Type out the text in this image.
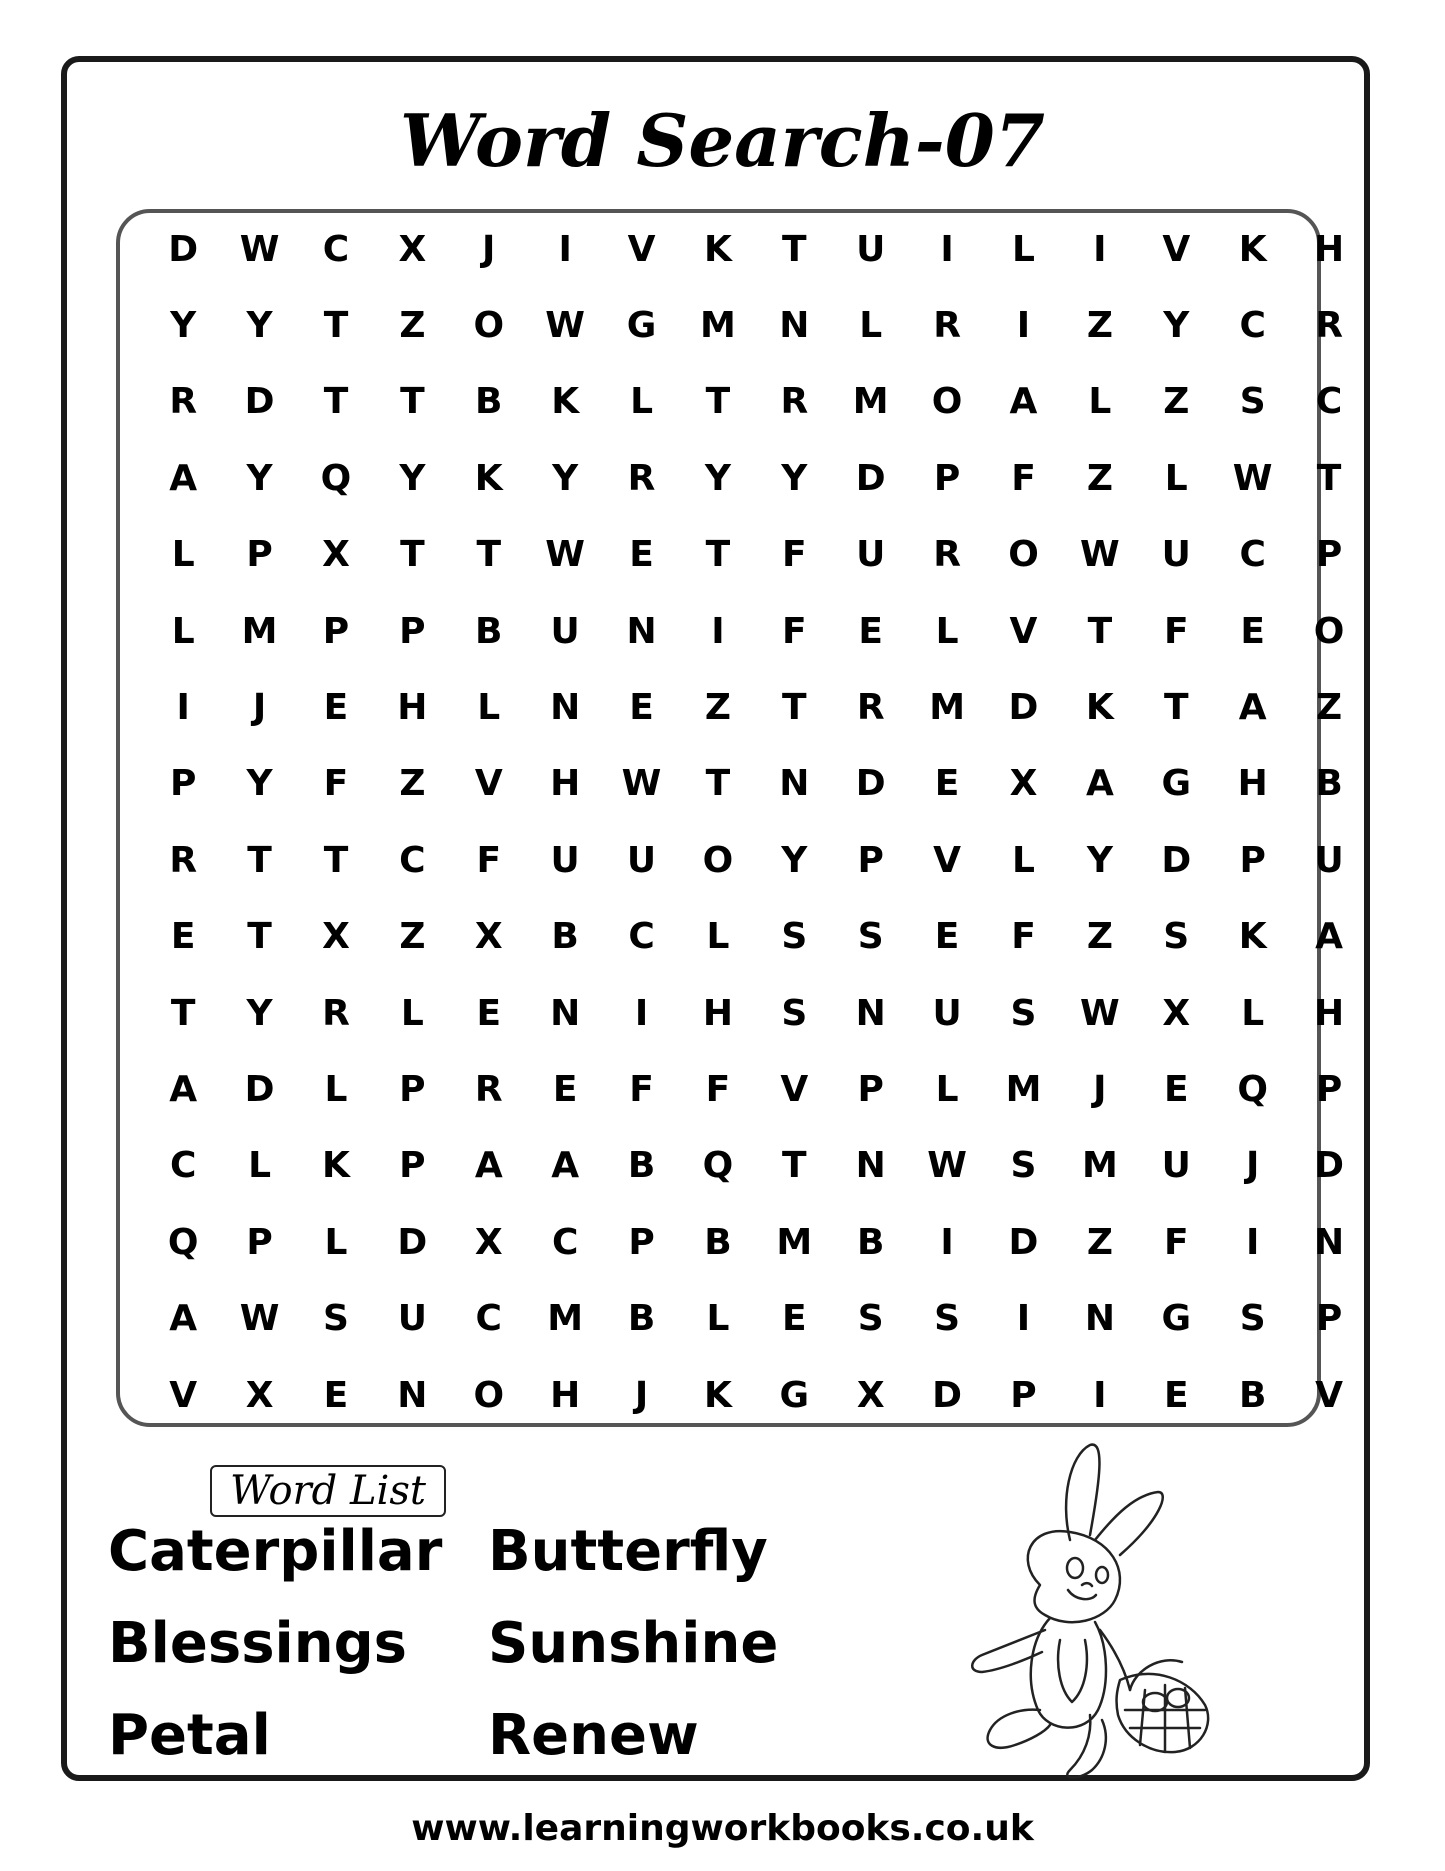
Word Search-07
D	W	C	X	J	I	V	K	T	U	I	L	I	V	K	H
Y	Y	T	Z	O	W	G	M	N	L	R	I	Z	Y	C	R
R	D	T	T	B	K	L	T	R	M	O	A	L	Z	S	C
A	Y	Q	Y	K	Y	R	Y	Y	D	P	F	Z	L	W	T
L	P	X	T	T	W	E	T	F	U	R	O	W	U	C	P
L	M	P	P	B	U	N	I	F	E	L	V	T	F	E	O
I	J	E	H	L	N	E	Z	T	R	M	D	K	T	A	Z
P	Y	F	Z	V	H	W	T	N	D	E	X	A	G	H	B
R	T	T	C	F	U	U	O	Y	P	V	L	Y	D	P	U
E	T	X	Z	X	B	C	L	S	S	E	F	Z	S	K	A
T	Y	R	L	E	N	I	H	S	N	U	S	W	X	L	H
A	D	L	P	R	E	F	F	V	P	L	M	J	E	Q	P
C	L	K	P	A	A	B	Q	T	N	W	S	M	U	J	D
Q	P	L	D	X	C	P	B	M	B	I	D	Z	F	I	N
A	W	S	U	C	M	B	L	E	S	S	I	N	G	S	P
V	X	E	N	O	H	J	K	G	X	D	P	I	E	B	V
Word List
Caterpillar Butterfly
Blessings Sunshine
Petal	Renew
www.learningworkbooks.co.uk
